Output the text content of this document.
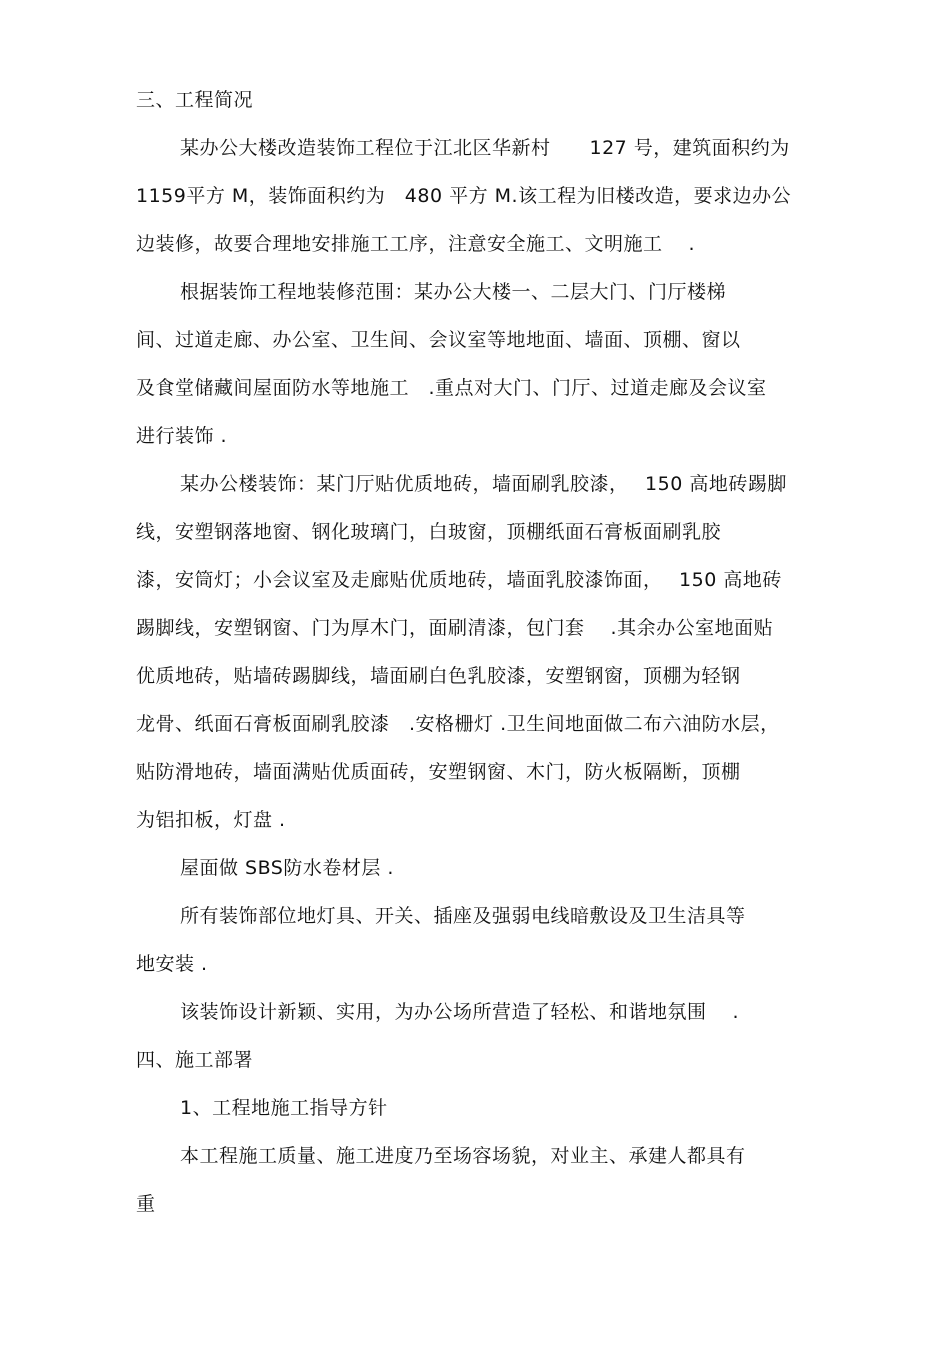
三、工程简况
某办公大楼改造装饰工程位于江北区华新村　　127 号，建筑面积约为
1159平方 M，装饰面积约为　480 平方 M.该工程为旧楼改造，要求边办公
边装修，故要合理地安排施工工序，注意安全施工、文明施工　 .
根据装饰工程地装修范围：某办公大楼一、二层大门、门厅楼梯
间、过道走廊、办公室、卫生间、会议室等地地面、墙面、顶棚、窗以
及食堂储藏间屋面防水等地施工　.重点对大门、门厅、过道走廊及会议室
进行装饰 .
某办公楼装饰：某门厅贴优质地砖，墙面刷乳胶漆，　 150 高地砖踢脚
线，安塑钢落地窗、钢化玻璃门，白玻窗，顶棚纸面石膏板面刷乳胶
漆，安筒灯；小会议室及走廊贴优质地砖，墙面乳胶漆饰面，　 150 高地砖
踢脚线，安塑钢窗、门为厚木门，面刷清漆，包门套　 .其余办公室地面贴
优质地砖，贴墙砖踢脚线，墙面刷白色乳胶漆，安塑钢窗，顶棚为轻钢
龙骨、纸面石膏板面刷乳胶漆　.安格栅灯 .卫生间地面做二布六油防水层，
贴防滑地砖，墙面满贴优质面砖，安塑钢窗、木门，防火板隔断，顶棚
为铝扣板，灯盘 .
屋面做 SBS防水卷材层 .
所有装饰部位地灯具、开关、插座及强弱电线暗敷设及卫生洁具等
地安装 .
该装饰设计新颖、实用，为办公场所营造了轻松、和谐地氛围　 .
四、施工部署
1、工程地施工指导方针
本工程施工质量、施工进度乃至场容场貌，对业主、承建人都具有
重
